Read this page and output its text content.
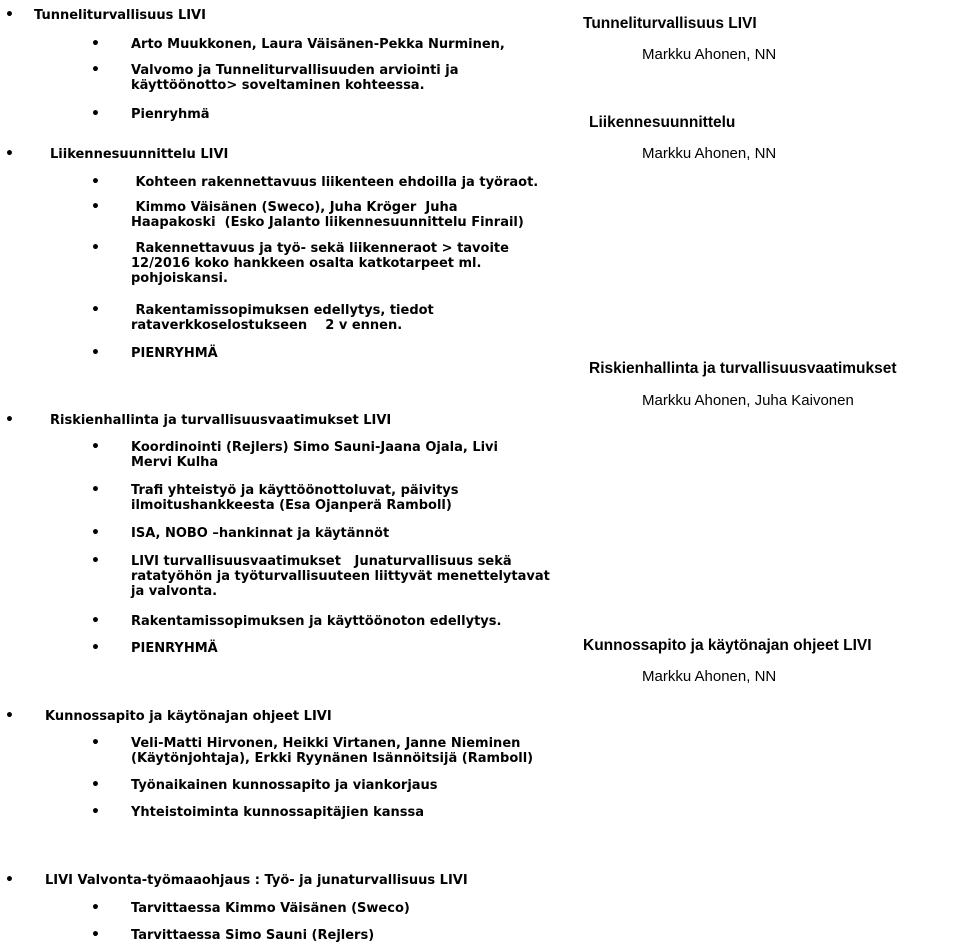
• Tunneliturvallisuus LIVI
• Arto Muukkonen, Laura Väisänen-Pekka Nurminen,
• Valvomo ja Tunneliturvallisuuden arviointi ja
käyttöönotto> soveltaminen kohteessa.
• Pienryhmä
•	Liikennesuunnittelu LIVI
• Kohteen rakennettavuus liikenteen ehdoilla ja työraot.
•	Kimmo Väisänen (Sweco), Juha Kröger  Juha
Haapakoski  (Esko Jalanto liikennesuunnittelu Finrail)
•	Rakennettavuus ja työ- sekä liikenneraot > tavoite
12/2016 koko hankkeen osalta katkotarpeet ml.
pohjoiskansi.
•	Rakentamissopimuksen edellytys, tiedot
rataverkkoselostukseen    2 v ennen.
• PIENRYHMÄ
•	Riskienhallinta ja turvallisuusvaatimukset LIVI
• Koordinointi (Rejlers) Simo Sauni-Jaana Ojala, Livi
Mervi Kulha
• Trafi yhteistyö ja käyttöönottoluvat, päivitys
ilmoitushankkeesta (Esa Ojanperä Ramboll)
• ISA, NOBO –hankinnat ja käytännöt
• LIVI turvallisuusvaatimukset   Junaturvallisuus sekä
ratatyöhön ja työturvallisuuteen liittyvät menettelytavat
ja valvonta.
• Rakentamissopimuksen ja käyttöönoton edellytys.
• PIENRYHMÄ
• Kunnossapito ja käytönajan ohjeet LIVI
• Veli-Matti Hirvonen, Heikki Virtanen, Janne Nieminen
(Käytönjohtaja), Erkki Ryynänen Isännöitsijä (Ramboll)
• Työnaikainen kunnossapito ja viankorjaus
• Yhteistoiminta kunnossapitäjien kanssa
• LIVI Valvonta-työmaaohjaus : Työ- ja junaturvallisuus LIVI
• Tarvittaessa Kimmo Väisänen (Sweco)
• Tarvittaessa Simo Sauni (Rejlers)
Tunneliturvallisuus LIVI
Markku Ahonen, NN
Liikennesuunnittelu
Markku Ahonen, NN
Riskienhallinta ja turvallisuusvaatimukset
Markku Ahonen, Juha Kaivonen
Kunnossapito ja käytönajan ohjeet LIVI
Markku Ahonen, NN
